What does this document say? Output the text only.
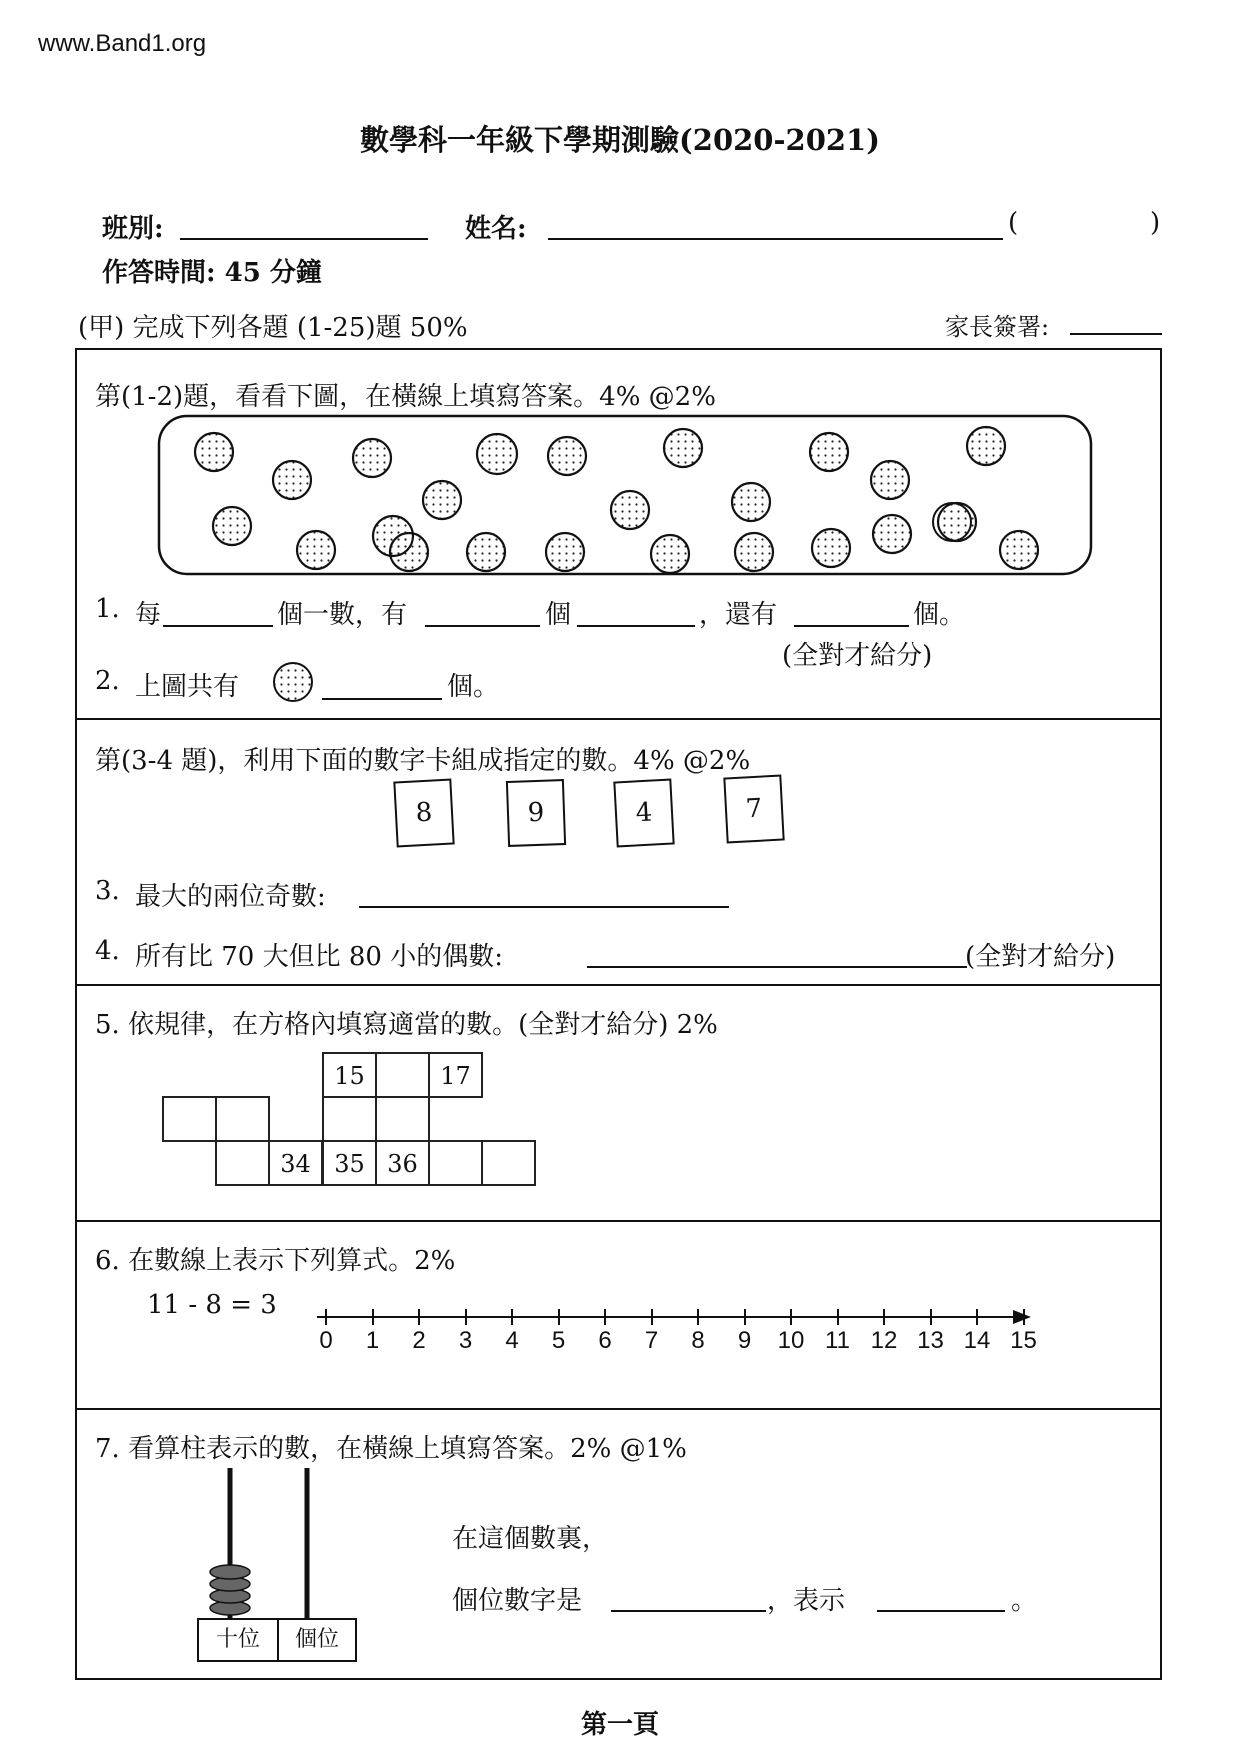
www.Band1.org
數學科一年級下學期測驗(2020-2021)
班別:	姓名:	(	)
作答時間: 45 分鐘
(甲) 完成下列各題 (1-25)題 50%	家長簽署:
第(1-2)題，看看下圖，在橫線上填寫答案。4% @2%
1. 每	個一數，有	個	，還有	個。
(全對才給分)
2. 上圖共有	個。
第(3-4 題)，利用下面的數字卡組成指定的數。4% @2%
8	9	4	7
3. 最大的兩位奇數:
4. 所有比 70 大但比 80 小的偶數:	(全對才給分)
5. 依規律，在方格內填寫適當的數。(全對才給分) 2%
15	17
34 35 36
6. 在數線上表示下列算式。2%
11 - 8 = 3
0	1	2	3	4	5	6	7	8	9	10 11 12 13 14 15
7. 看算柱表示的數，在橫線上填寫答案。2% @1%
十位	個位
在這個數裏，
個位數字是	，表示	。
第一頁
